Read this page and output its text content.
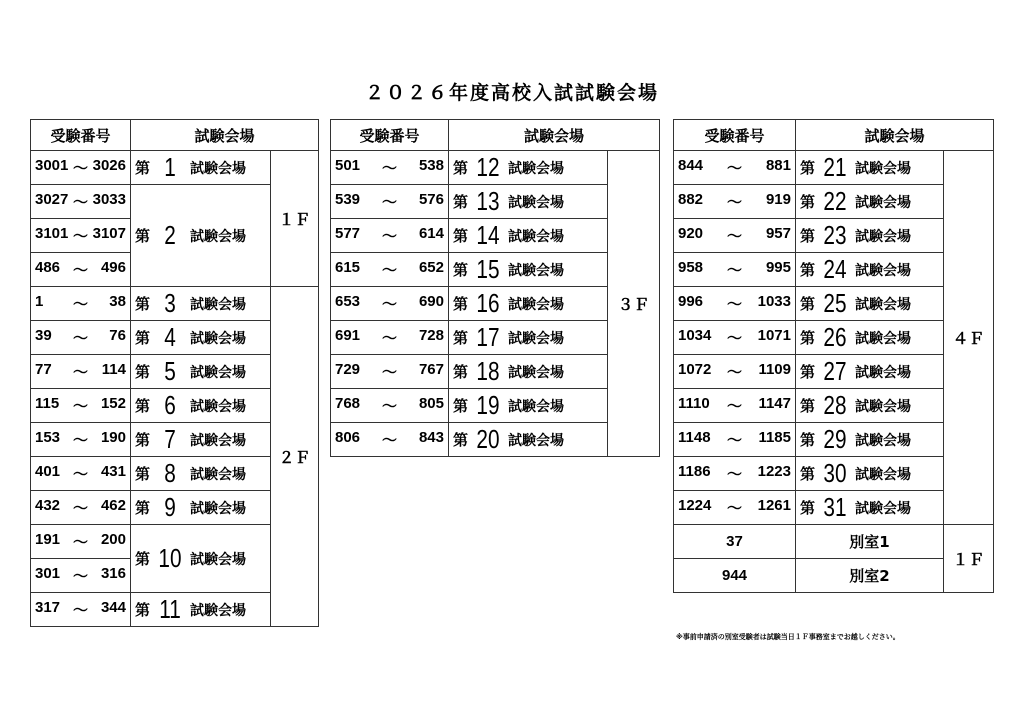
２０２６年度高校入試試験会場
受験番号	試験会場	

3001 ～ 3026	第 1 試験会場	１Ｆ

3027 ～ 3033	第 2 試験会場	

3101 ～ 3107		

486 ～ 496		

1 ～ 38	第 3 試験会場	２Ｆ

39 ～ 76	第 4 試験会場	

77 ～ 114	第 5 試験会場	

115 ～ 152	第 6 試験会場	

153 ～ 190	第 7 試験会場	

401 ～ 431	第 8 試験会場	

432 ～ 462	第 9 試験会場	

191 ～ 200	第 10 試験会場	

301 ～ 316		

317 ～ 344	第 11 試験会場	
受験番号	試験会場	

501 ～ 538	第 12 試験会場	３Ｆ

539 ～ 576	第 13 試験会場	

577 ～ 614	第 14 試験会場	

615 ～ 652	第 15 試験会場	

653 ～ 690	第 16 試験会場	

691 ～ 728	第 17 試験会場	

729 ～ 767	第 18 試験会場	

768 ～ 805	第 19 試験会場	

806 ～ 843	第 20 試験会場	
受験番号	試験会場	

844 ～ 881	第 21 試験会場	４Ｆ

882 ～ 919	第 22 試験会場	

920 ～ 957	第 23 試験会場	

958 ～ 995	第 24 試験会場	

996 ～ 1033	第 25 試験会場	

1034 ～ 1071	第 26 試験会場	

1072 ～ 1109	第 27 試験会場	

1110 ～ 1147	第 28 試験会場	

1148 ～ 1185	第 29 試験会場	

1186 ～ 1223	第 30 試験会場	

1224 ～ 1261	第 31 試験会場	

37	別室1	１Ｆ

944	別室2	
※事前申請済の別室受験者は試験当日１Ｆ事務室までお越しください。
